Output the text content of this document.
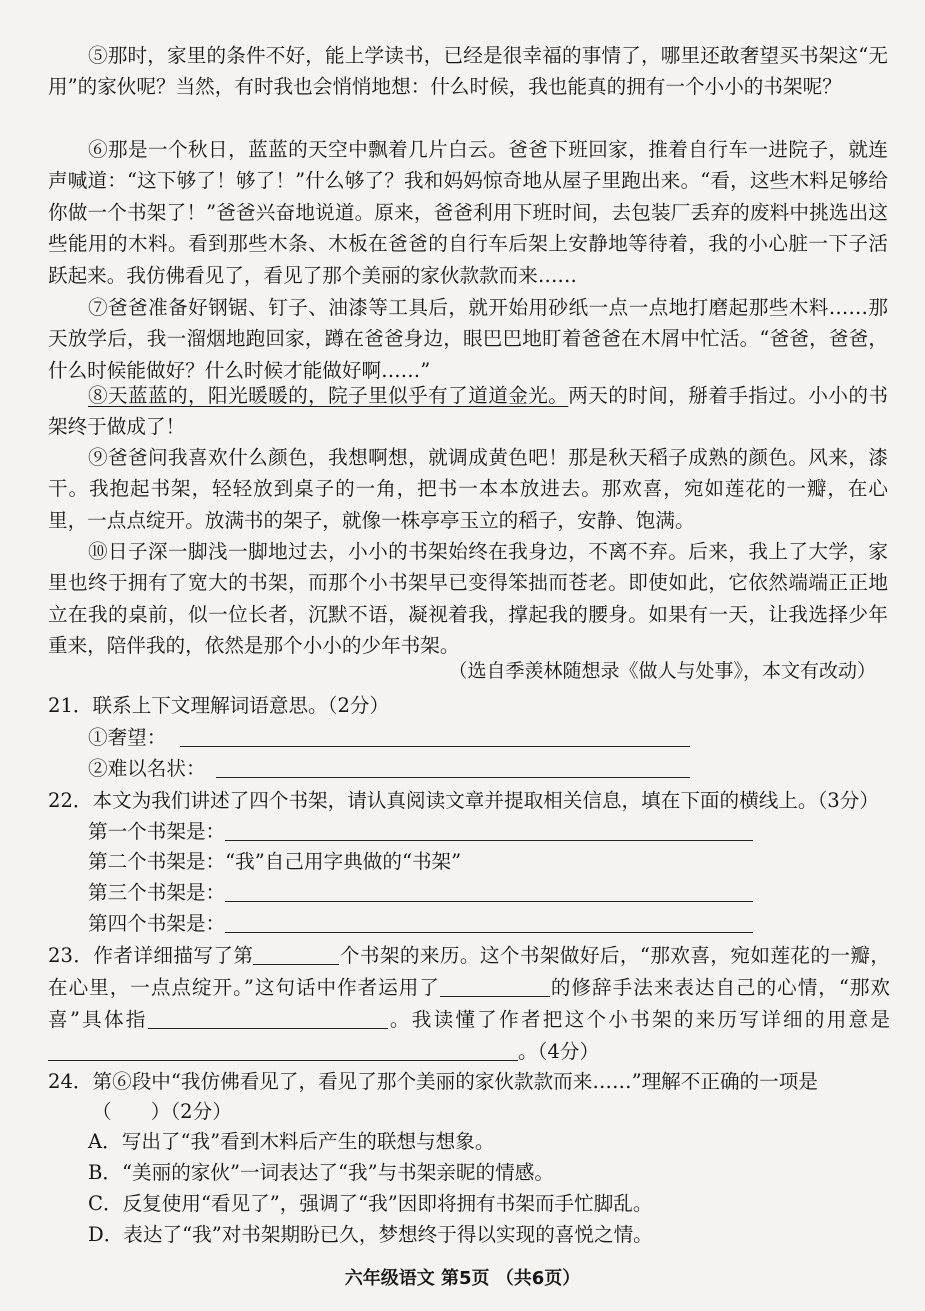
⑤那时，家里的条件不好，能上学读书，已经是很幸福的事情了，哪里还敢奢望买书架这“无用”的家伙呢？当然，有时我也会悄悄地想：什么时候，我也能真的拥有一个小小的书架呢？

⑥那是一个秋日，蓝蓝的天空中飘着几片白云。爸爸下班回家，推着自行车一进院子，就连声喊道：“这下够了！够了！”什么够了？我和妈妈惊奇地从屋子里跑出来。“看，这些木料足够给你做一个书架了！”爸爸兴奋地说道。原来，爸爸利用下班时间，去包装厂丢弃的废料中挑选出这些能用的木料。看到那些木条、木板在爸爸的自行车后架上安静地等待着，我的小心脏一下子活跃起来。我仿佛看见了，看见了那个美丽的家伙款款而来……

⑦爸爸准备好钢锯、钉子、油漆等工具后，就开始用砂纸一点一点地打磨起那些木料……那天放学后，我一溜烟地跑回家，蹲在爸爸身边，眼巴巴地盯着爸爸在木屑中忙活。“爸爸，爸爸，什么时候能做好？什么时候才能做好啊……”

⑧天蓝蓝的，阳光暖暖的，院子里似乎有了道道金光。两天的时间，掰着手指过。小小的书架终于做成了！

⑨爸爸问我喜欢什么颜色，我想啊想，就调成黄色吧！那是秋天稻子成熟的颜色。风来，漆干。我抱起书架，轻轻放到桌子的一角，把书一本本放进去。那欢喜，宛如莲花的一瓣，在心里，一点点绽开。放满书的架子，就像一株亭亭玉立的稻子，安静、饱满。

⑩日子深一脚浅一脚地过去，小小的书架始终在我身边，不离不弃。后来，我上了大学，家里也终于拥有了宽大的书架，而那个小书架早已变得笨拙而苍老。即使如此，它依然端端正正地立在我的桌前，似一位长者，沉默不语，凝视着我，撑起我的腰身。如果有一天，让我选择少年重来，陪伴我的，依然是那个小小的少年书架。

（选自季羡林随想录《做人与处事》，本文有改动）
21．联系上下文理解词语意思。（2分）
①奢望：
②难以名状：
22．本文为我们讲述了四个书架，请认真阅读文章并提取相关信息，填在下面的横线上。（3分）
第一个书架是：
第二个书架是：“我”自己用字典做的“书架”
第三个书架是：
第四个书架是：

23．作者详细描写了第	个书架的来历。这个书架做好后，“那欢喜，宛如莲花的一瓣，在心里，一点点绽开。”这句话中作者运用了	的修辞手法来表达自己的心情，“那欢喜”具体指	。我读懂了作者把这个小书架的来历写详细的用意是。（4分）

24．第⑥段中“我仿佛看见了，看见了那个美丽的家伙款款而来……”理解不正确的一项是
（　　）（2分）
A．写出了“我”看到木料后产生的联想与想象。
B．“美丽的家伙”一词表达了“我”与书架亲昵的情感。
C．反复使用“看见了”，强调了“我”因即将拥有书架而手忙脚乱。
D．表达了“我”对书架期盼已久，梦想终于得以实现的喜悦之情。
六年级语文 第5页 （共6页）
